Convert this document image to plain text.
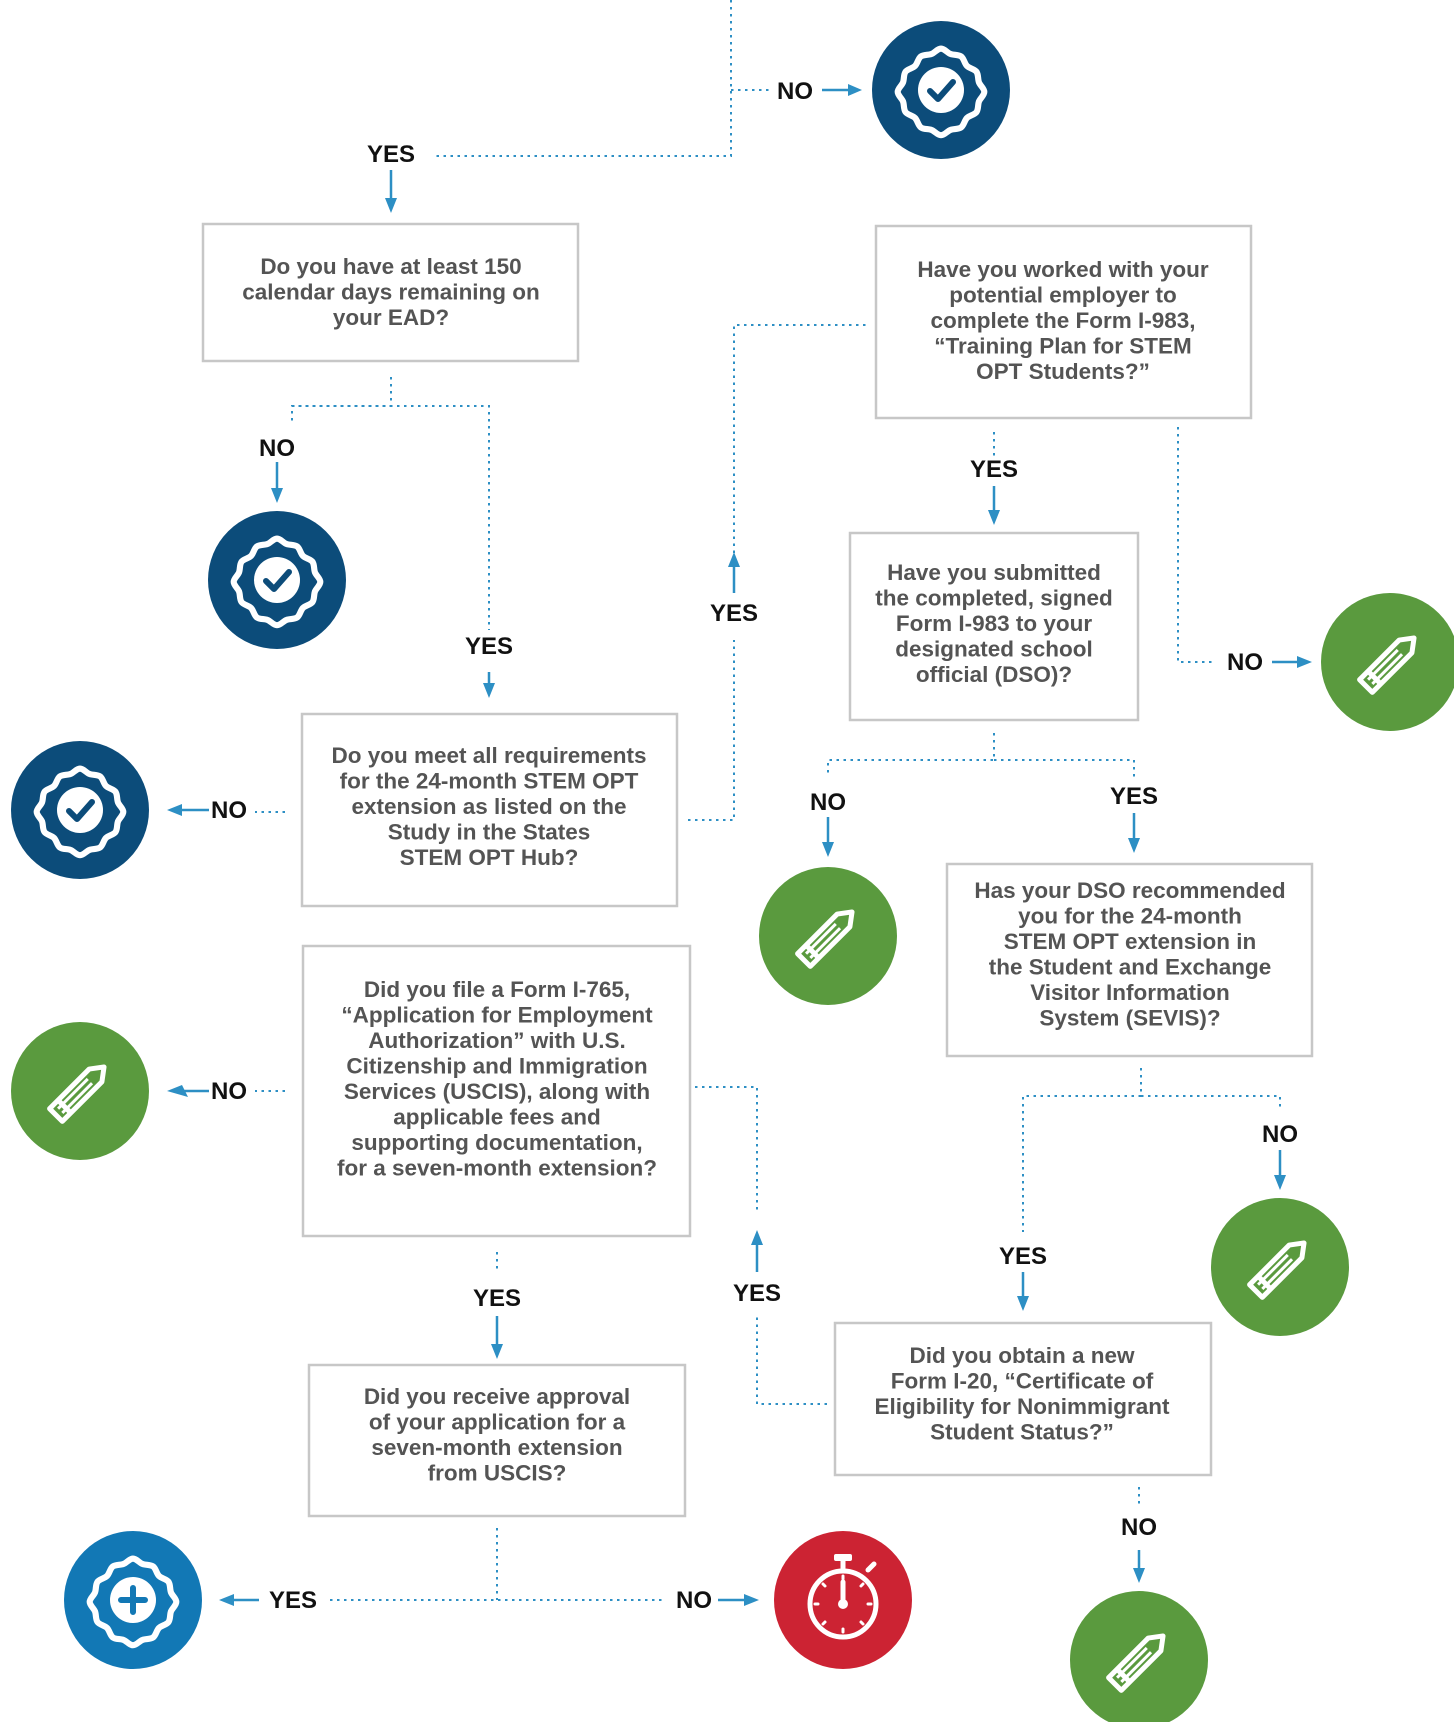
Do you have at least 150 calendar days remaining on your EAD?
Do you meet all requirements for the 24-month STEM OPT extension as listed on the Study in the States STEM OPT Hub?
Did you file a Form I-765, “Application for Employment Authorization” with U.S. Citizenship and Immigration Services (USCIS), along with applicable fees and supporting documentation, for a seven-month extension?
Did you receive approval of your application for a seven-month extension from USCIS?
Have you worked with your potential employer to complete the Form I-983, “Training Plan for STEM OPT Students?”
Have you submitted the completed, signed Form I-983 to your designated school official (DSO)?
Has your DSO recommended you for the 24-month STEM OPT extension in the Student and Exchange Visitor Information System (SEVIS)?
Did you obtain a new Form I-20, “Certificate of Eligibility for Nonimmigrant Student Status?”
NO
YES
NO
YES
NO
YES
NO
YES	YES
YES	NO
YES
NO
NO	YES
YES
NO
NO
